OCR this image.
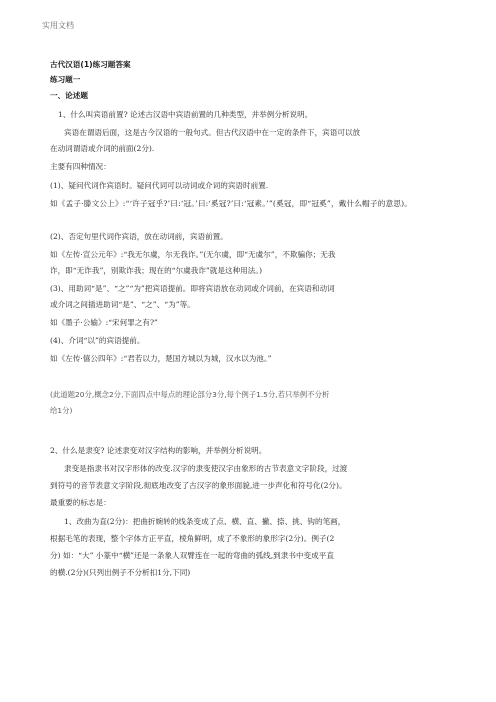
实用文档
古代汉语(1)练习题答案
练习题一
一、论述题
1、什么叫宾语前置? 论述古汉语中宾语前置的几种类型，并举例分析说明。
宾语在谓语后面，这是古今汉语的一般句式。但古代汉语中在一定的条件下，宾语可以放
在动词谓语或介词的前面(2分).
主要有四种情况：
(1)、疑问代词作宾语时。疑问代词可以动词或介词的宾语时前置.
如《孟子·滕文公上》:“‘许子冠乎?’曰:‘冠。’曰:‘奚冠?’曰:‘冠素。’”(奚冠，即“冠奚”，戴什么帽子的意思)。
(2)、否定句里代词作宾语，放在动词前，宾语前置。
如《左传·宣公元年》:“我无尔虞，尔无我诈。”(无尔虞，即“无虞尔”，不欺骗你；无我
诈，即“无诈我”，别欺诈我；现在的“尔虞我诈”就是这种用法。)
(3)、用助词“是”、“之”“为”把宾语提前。即将宾语放在动词或介词前，在宾语和动词
或介词之间插进助词“是”、“之”、“为”等。
如《墨子·公输》:“宋何罪之有?”
(4)、介词“以”的宾语提前。
如《左传·僖公四年》:“君若以力，楚国方城以为城，汉水以为池。”
(此道题20分,概念2分,下面四点中每点的理论部分3分,每个例子1.5分,若只举例不分析
给1分)
2、什么是隶变? 论述隶变对汉字结构的影响，并举例分析说明。
隶变是指隶书对汉字形体的改变.汉字的隶变使汉字由象形的古节表意文字阶段，过渡
到符号的音节表意文字阶段,彻底地改变了古汉字的象形面貌,进一步声化和符号化(2分)。
最重要的标志是：
1、改曲为直(2分)：把曲折婉转的线条变成了点、横、直、撇、捺、挑、钩的笔画，
根据毛笔的表现，整个字体方正平直，棱角鲜明，成了不象形的象形字(2分)。例子(2
分) 如：“大” 小篆中“横”还是一条象人双臂连在一起的弯曲的弧线,到隶书中变成平直
的横.(2分)(只列出例子不分析扣1分,下同)
